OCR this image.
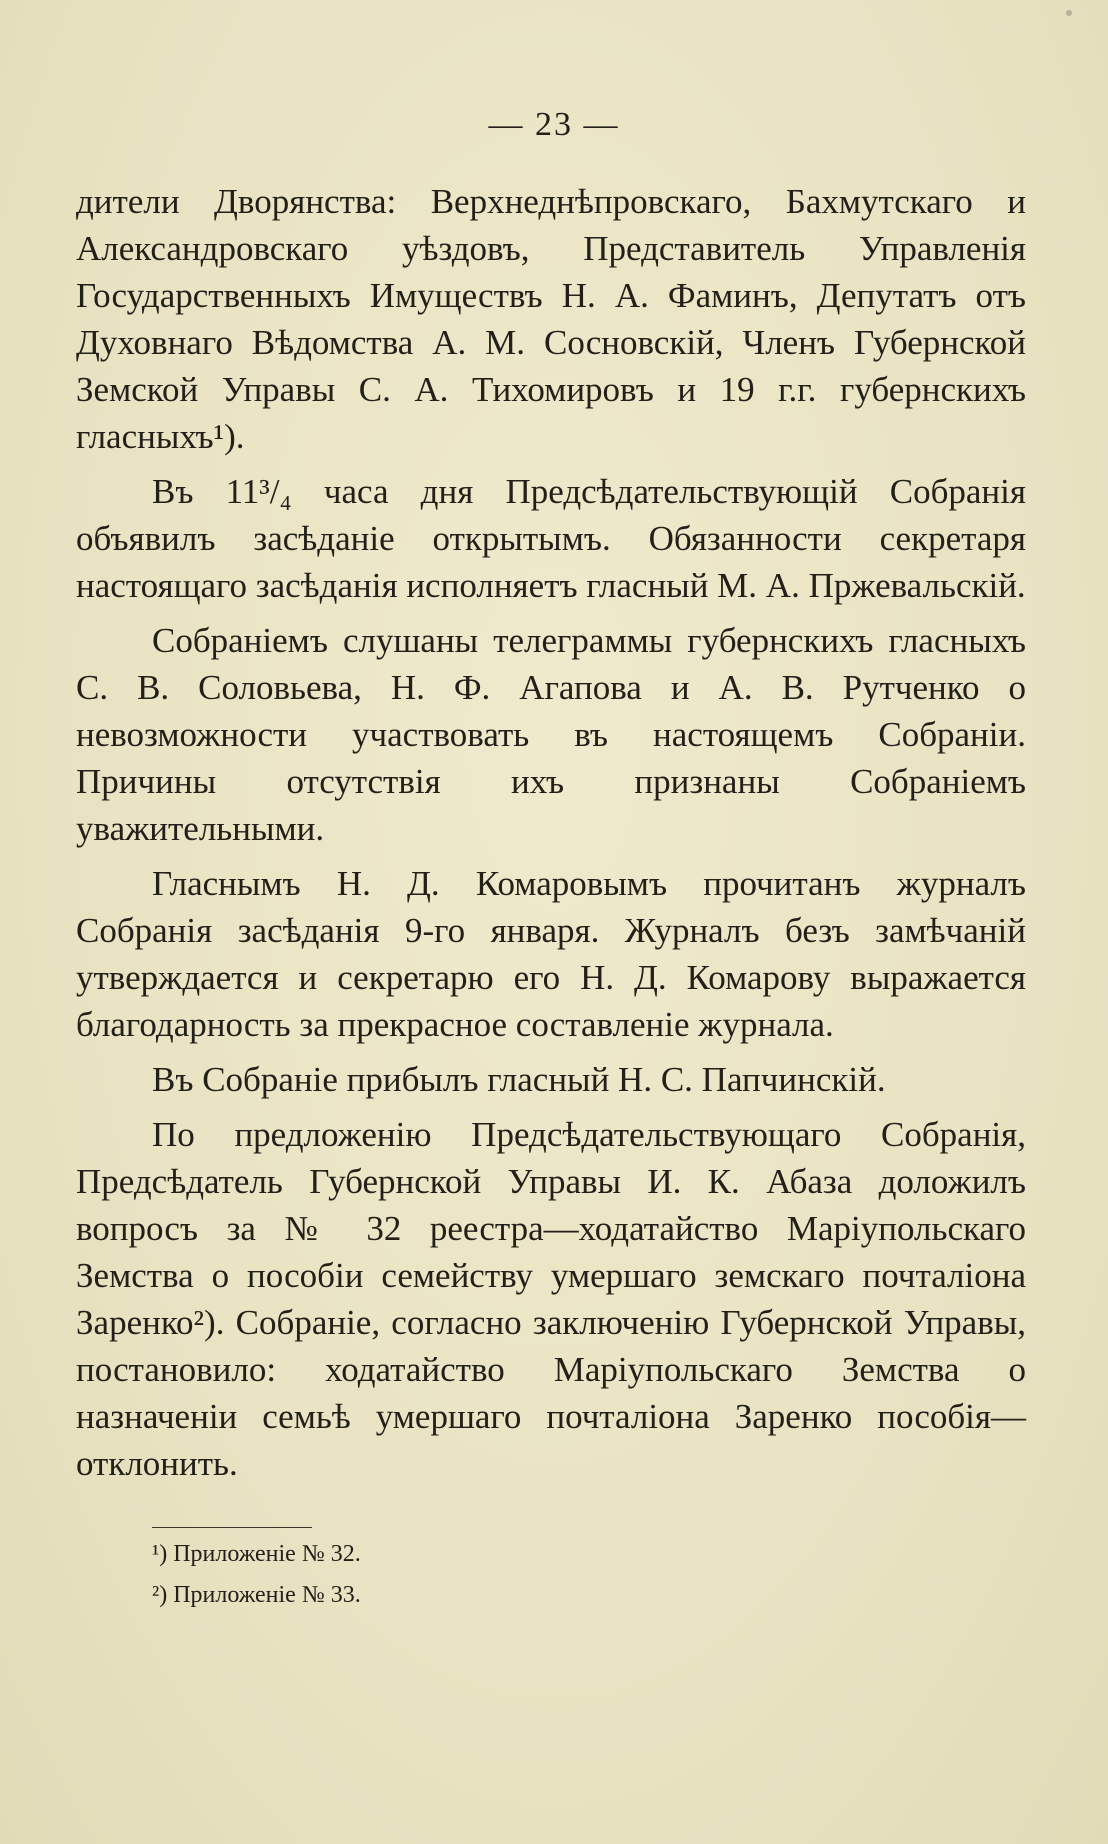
— 23 —

дители Дворянства: Верхнеднѣпровскаго, Бахмутскаго и Александровскаго уѣздовъ, Представитель Управленія Государственныхъ Имуществъ Н. А. Фаминъ, Депутатъ отъ Духовнаго Вѣдомства А. М. Сосновскій, Членъ Губернской Земской Управы С. А. Тихомировъ и 19 г.г. губернскихъ гласныхъ¹).

Въ 11³/₄ часа дня Предсѣдательствующій Собранія объявилъ засѣданіе открытымъ. Обязанности секретаря настоящаго засѣданія исполняетъ гласный М. А. Пржевальскій.

Собраніемъ слушаны телеграммы губернскихъ гласныхъ С. В. Соловьева, Н. Ф. Агапова и А. В. Рутченко о невозможности участвовать въ настоящемъ Собраніи. Причины отсутствія ихъ признаны Собраніемъ уважительными.

Гласнымъ Н. Д. Комаровымъ прочитанъ журналъ Собранія засѣданія 9-го января. Журналъ безъ замѣчаній утверждается и секретарю его Н. Д. Комарову выражается благодарность за прекрасное составленіе журнала.

Въ Собраніе прибылъ гласный Н. С. Папчинскій.

По предложенію Предсѣдательствующаго Собранія, Предсѣдатель Губернской Управы И. К. Абаза доложилъ вопросъ за № 32 реестра—ходатайство Маріупольскаго Земства о пособіи семейству умершаго земскаго почталіона Заренко²). Собраніе, согласно заключенію Губернской Управы, постановило: ходатайство Маріупольскаго Земства о назначеніи семьѣ умершаго почталіона Заренко пособія—отклонить.

¹) Приложеніе № 32.
²) Приложеніе № 33.
